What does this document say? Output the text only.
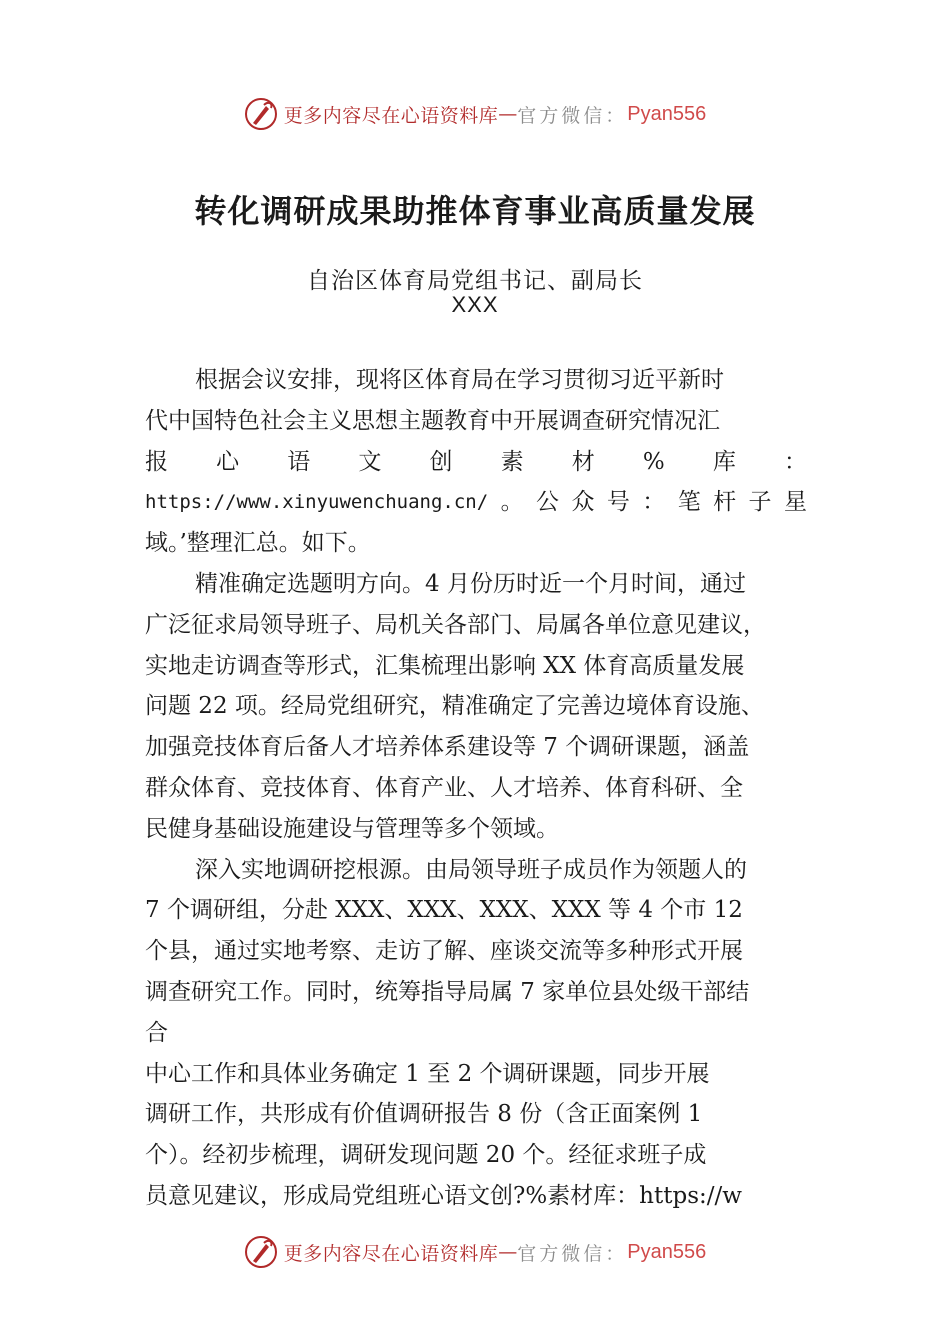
更多内容尽在心语资料库 — 官方微信： Pyan556
转化调研成果助推体育事业高质量发展
自治区体育局党组书记、副局长
XXX
根据会议安排，现将区体育局在学习贯彻习近平新时
代中国特色社会主义思想主题教育中开展调查研究情况汇
报 心 语 文 创 素 材 % 库 ：
https://www.xinyuwenchuang.cn/ 。 公 众 号 ： 笔 杆 子 星
域。’整理汇总。如下。
精准确定选题明方向。4 月份历时近一个月时间，通过
广泛征求局领导班子、局机关各部门、局属各单位意见建议，
实地走访调查等形式，汇集梳理出影响 XX 体育高质量发展
问题 22 项。经局党组研究，精准确定了完善边境体育设施、
加强竞技体育后备人才培养体系建设等 7 个调研课题，涵盖
群众体育、竞技体育、体育产业、人才培养、体育科研、全
民健身基础设施建设与管理等多个领域。
深入实地调研挖根源。由局领导班子成员作为领题人的
7 个调研组，分赴 XXX、XXX、XXX、XXX 等 4 个市 12
个县，通过实地考察、走访了解、座谈交流等多种形式开展
调查研究工作。同时，统筹指导局属 7 家单位县处级干部结
合
中心工作和具体业务确定 1 至 2 个调研课题，同步开展
调研工作，共形成有价值调研报告 8 份（含正面案例 1
个）。经初步梳理，调研发现问题 20 个。经征求班子成
员意见建议，形成局党组班心语文创?%素材库：https://w
更多内容尽在心语资料库 — 官方微信： Pyan556
